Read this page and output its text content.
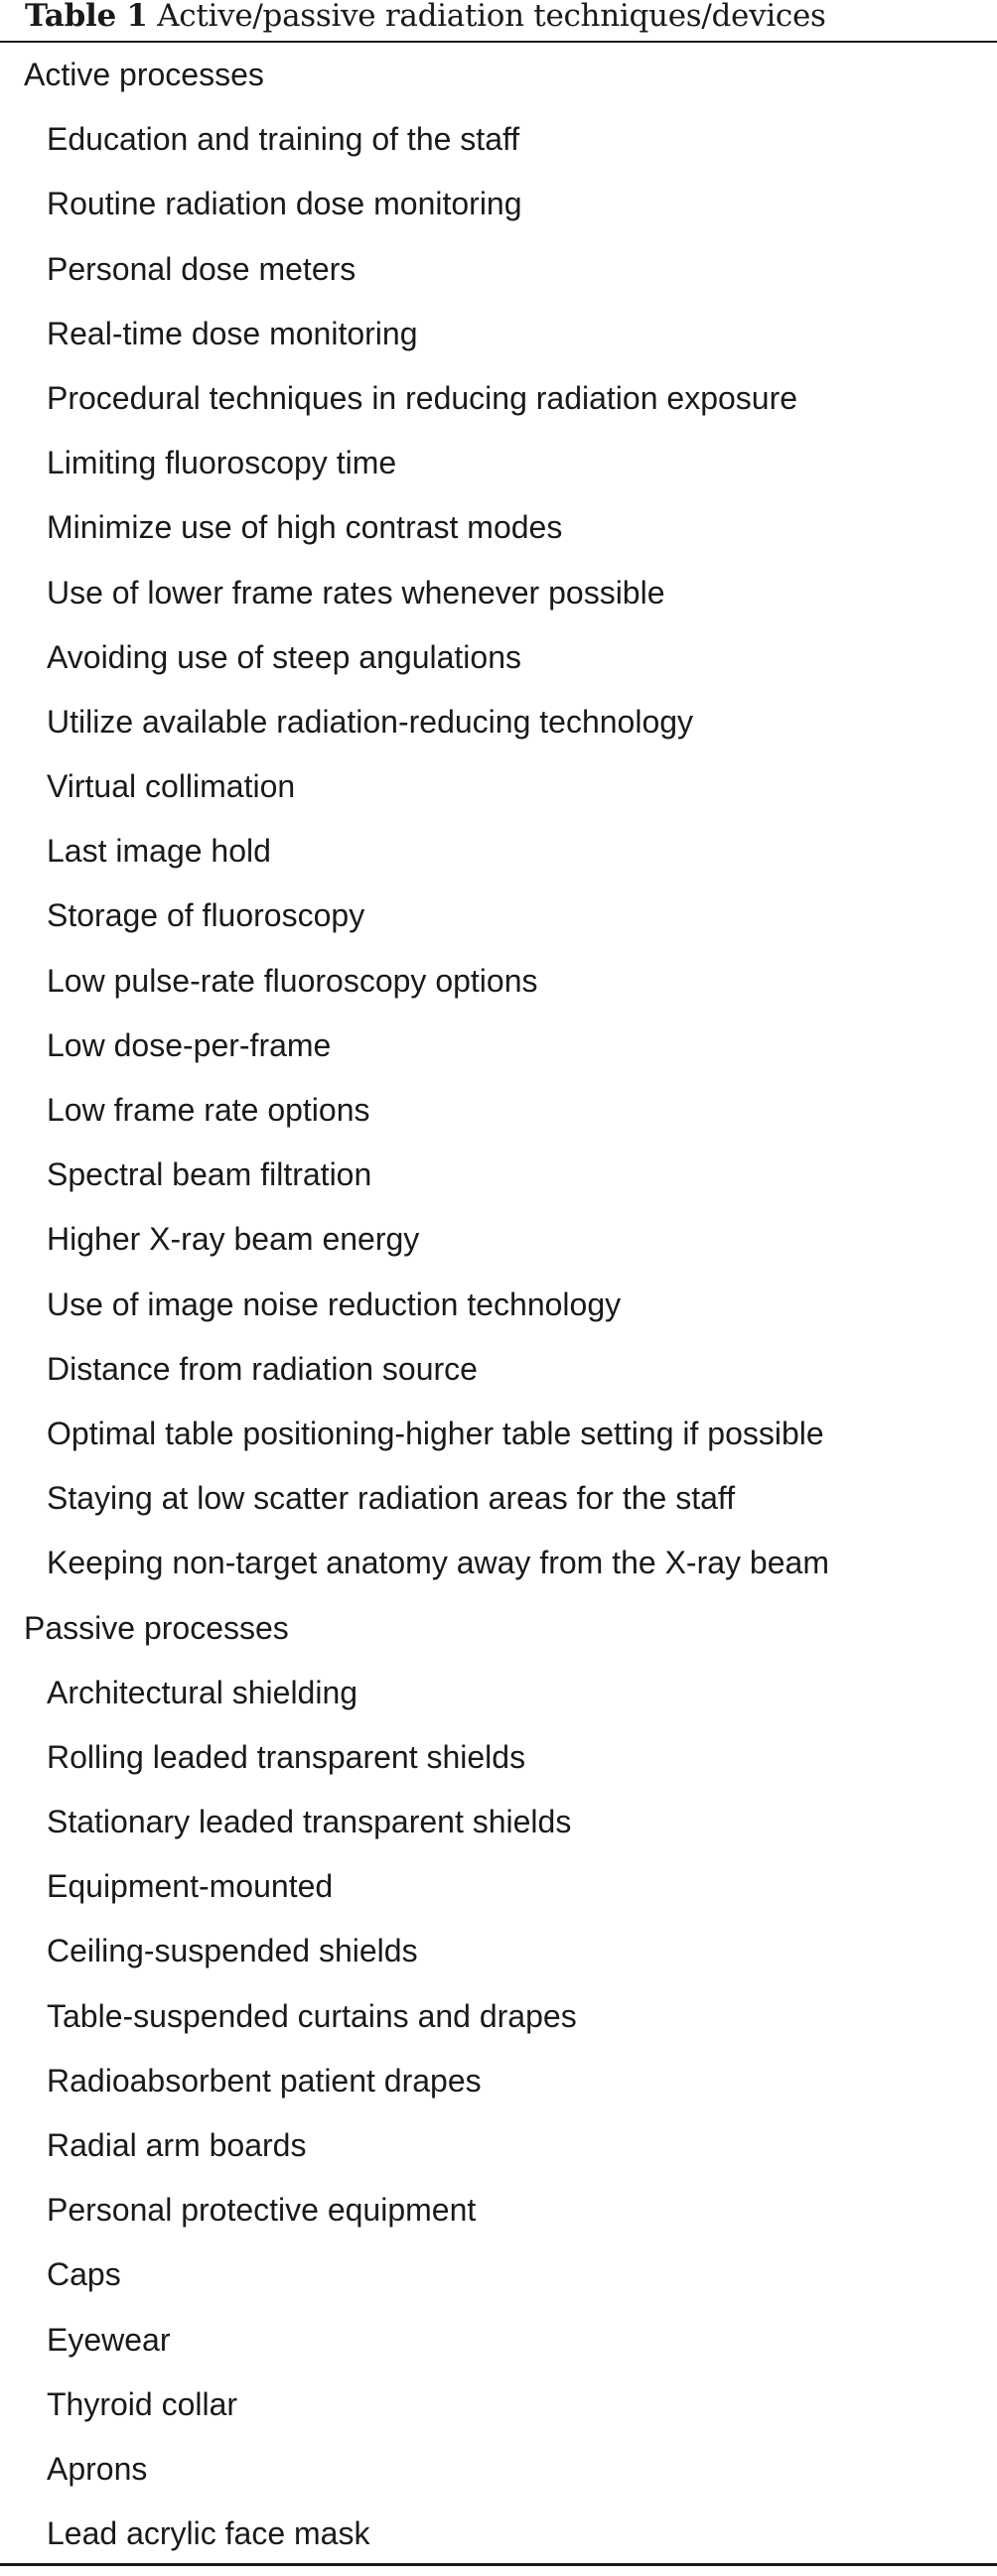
Table 1 Active/passive radiation techniques/devices
Active processes
Education and training of the staff
Routine radiation dose monitoring
Personal dose meters
Real-time dose monitoring
Procedural techniques in reducing radiation exposure
Limiting fluoroscopy time
Minimize use of high contrast modes
Use of lower frame rates whenever possible
Avoiding use of steep angulations
Utilize available radiation-reducing technology
Virtual collimation
Last image hold
Storage of fluoroscopy
Low pulse-rate fluoroscopy options
Low dose-per-frame
Low frame rate options
Spectral beam filtration
Higher X-ray beam energy
Use of image noise reduction technology
Distance from radiation source
Optimal table positioning-higher table setting if possible
Staying at low scatter radiation areas for the staff
Keeping non-target anatomy away from the X-ray beam
Passive processes
Architectural shielding
Rolling leaded transparent shields
Stationary leaded transparent shields
Equipment-mounted
Ceiling-suspended shields
Table-suspended curtains and drapes
Radioabsorbent patient drapes
Radial arm boards
Personal protective equipment
Caps
Eyewear
Thyroid collar
Aprons
Lead acrylic face mask
